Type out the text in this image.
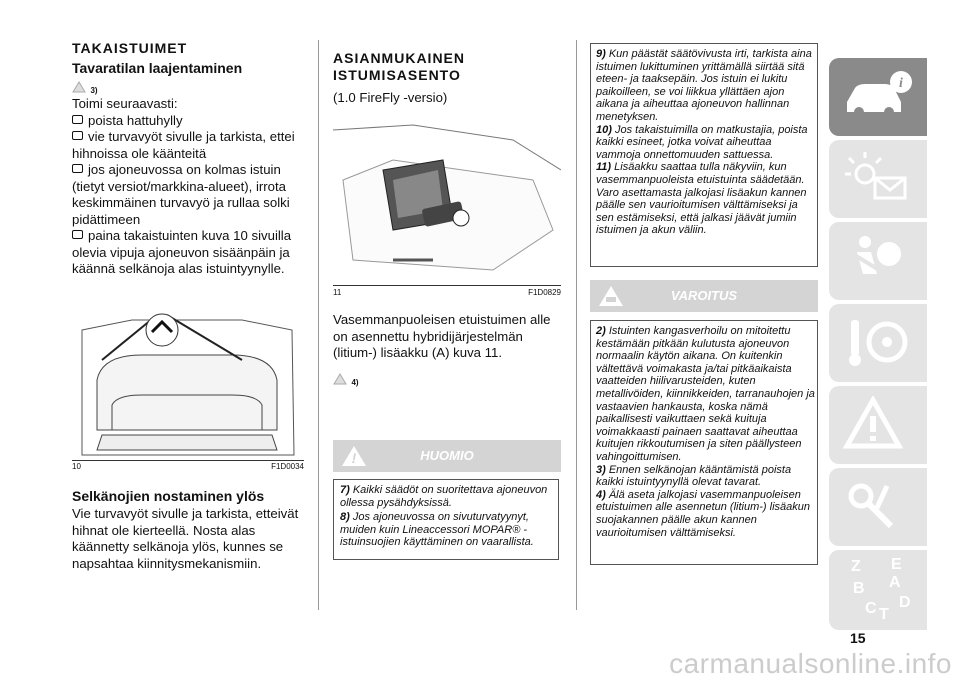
TAKAISTUIMET
Tavaratilan laajentaminen
3)
Toimi seuraavasti:
poista hattuhylly
vie turvavyöt sivulle ja tarkista, ettei hihnoissa ole käänteitä
jos ajoneuvossa on kolmas istuin (tietyt versiot/markkina-alueet), irrota keskimmäinen turvavyö ja rullaa solki pidättimeen
paina takaistuinten kuva 10 sivuilla olevia vipuja ajoneuvon sisäänpäin ja käännä selkänoja alas istuintyynylle.
10	F1D0034
Selkänojien nostaminen ylös
Vie turvavyöt sivulle ja tarkista, etteivät hihnat ole kierteellä. Nosta alas käännetty selkänoja ylös, kunnes se napsahtaa kiinnitysmekanismiin.
ASIANMUKAINEN
ISTUMISASENTO
(1.0 FireFly -versio)
11	F1D0829
Vasemmanpuoleisen etuistuimen alle on asennettu hybridijärjestelmän (litium-) lisäakku (A) kuva 11.
4)
!	HUOMIO
7) Kaikki säädöt on suoritettava ajoneuvon ollessa pysähdyksissä.
8) Jos ajoneuvossa on sivuturvatyynyt, muiden kuin Lineaccessori MOPAR® -istuinsuojien käyttäminen on vaarallista.
9) Kun päästät säätövivusta irti, tarkista aina istuimen lukittuminen yrittämällä siirtää sitä eteen- ja taaksepäin. Jos istuin ei lukitu paikoilleen, se voi liikkua yllättäen ajon aikana ja aiheuttaa ajoneuvon hallinnan menetyksen.
10) Jos takaistuimilla on matkustajia, poista kaikki esineet, jotka voivat aiheuttaa vammoja onnettomuuden sattuessa.
11) Lisäakku saattaa tulla näkyviin, kun vasemmanpuoleista etuistuinta säädetään. Varo asettamasta jalkojasi lisäakun kannen päälle sen vaurioitumisen välttämiseksi ja sen estämiseksi, että jalkasi jäävät jumiin istuimen ja akun väliin.
VAROITUS
2) Istuinten kangasverhoilu on mitoitettu kestämään pitkään kulutusta ajoneuvon normaalin käytön aikana. On kuitenkin vältettävä voimakasta ja/tai pitkäaikaista vaatteiden hiilivarusteiden, kuten metallivöiden, kiinnikkeiden, tarranauhojen ja vastaavien hankausta, koska nämä paikallisesti vaikuttaen sekä kuituja voimakkaasti painaen saattavat aiheuttaa kuitujen rikkoutumisen ja siten päällysteen vahingoittumisen.
3) Ennen selkänojan kääntämistä poista kaikki istuintyynyllä olevat tavarat.
4) Älä aseta jalkojasi vasemmanpuoleisen etuistuimen alle asennetun (litium-) lisäakun suojakannen päälle akun kannen vaurioitumisen välttämiseksi.
i
Z E
B A
C T
D
15
carmanualsonline.info
